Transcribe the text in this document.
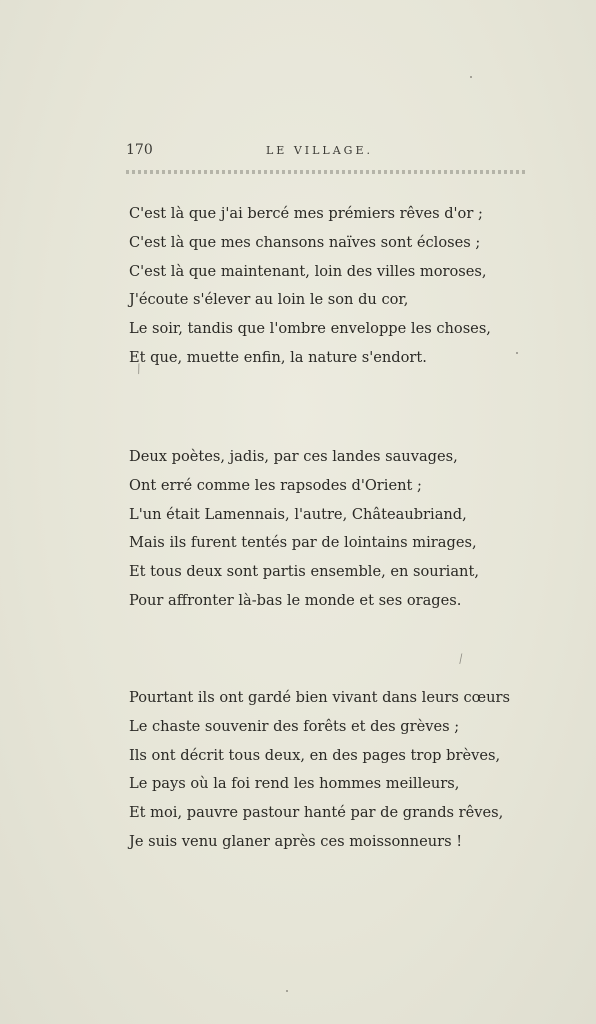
170	LE VILLAGE.
C'est là que j'ai bercé mes prémiers rêves d'or ;
C'est là que mes chansons naïves sont écloses ;
C'est là que maintenant, loin des villes moroses,
J'écoute s'élever au loin le son du cor,
Le soir, tandis que l'ombre enveloppe les choses,
Et que, muette enfin, la nature s'endort.
Deux poètes, jadis, par ces landes sauvages,
Ont erré comme les rapsodes d'Orient ;
L'un était Lamennais, l'autre, Châteaubriand,
Mais ils furent tentés par de lointains mirages,
Et tous deux sont partis ensemble, en souriant,
Pour affronter là-bas le monde et ses orages.
Pourtant ils ont gardé bien vivant dans leurs cœurs
Le chaste souvenir des forêts et des grèves ;
Ils ont décrit tous deux, en des pages trop brèves,
Le pays où la foi rend les hommes meilleurs,
Et moi, pauvre pastour hanté par de grands rêves,
Je suis venu glaner après ces moissonneurs !
⁄
⁄
